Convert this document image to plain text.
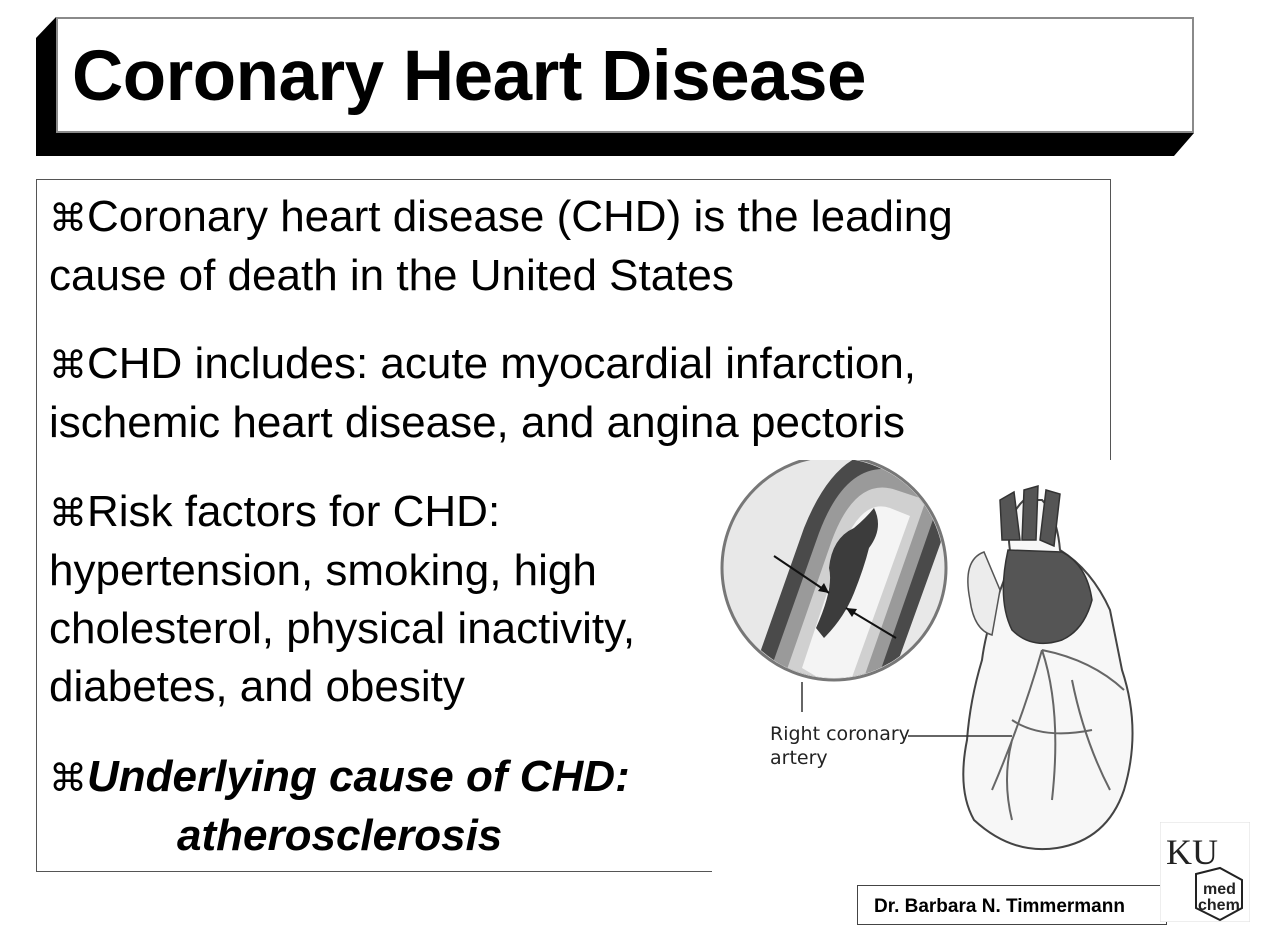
Coronary Heart Disease
⌘Coronary heart disease (CHD) is the leading
cause of death in the United States
⌘CHD includes: acute myocardial infarction,
ischemic heart disease, and angina pectoris
⌘Risk factors for CHD:
hypertension, smoking, high
cholesterol, physical inactivity,
diabetes, and obesity
⌘Underlying cause of CHD:
atherosclerosis
Right coronary
artery
Dr. Barbara N. Timmermann
KU
med
chem
